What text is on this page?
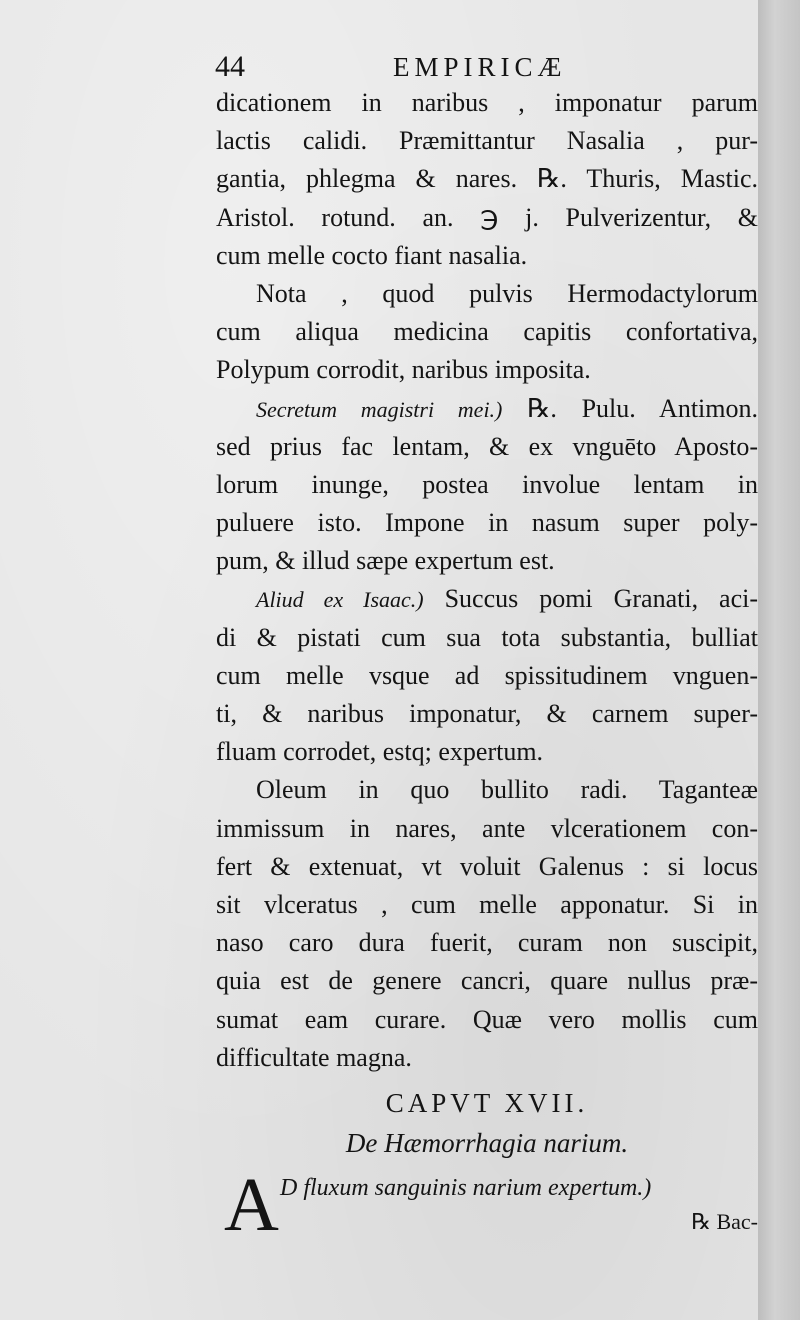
44	EMPIRICÆ
dicationem in naribus , imponatur parum
lactis calidi. Præmittantur Nasalia , pur-
gantia, phlegma & nares. ℞. Thuris, Mastic.
Aristol. rotund. an. ℈ j. Pulverizentur, &
cum melle cocto fiant nasalia.
Nota , quod pulvis Hermodactylorum
cum aliqua medicina capitis confortativa,
Polypum corrodit, naribus imposita.
Secretum magistri mei.) ℞. Pulu. Antimon.
sed prius fac lentam, & ex vnguēto Aposto-
lorum inunge, postea involue lentam in
puluere isto. Impone in nasum super poly-
pum, & illud sæpe expertum est.
Aliud ex Isaac.) Succus pomi Granati, aci-
di & pistati cum sua tota substantia, bulliat
cum melle vsque ad spissitudinem vnguen-
ti, & naribus imponatur, & carnem super-
fluam corrodet, estq; expertum.
Oleum in quo bullito radi. Taganteæ
immissum in nares, ante vlcerationem con-
fert & extenuat, vt voluit Galenus : si locus
sit vlceratus , cum melle apponatur. Si in
naso caro dura fuerit, curam non suscipit,
quia est de genere cancri, quare nullus præ-
sumat eam curare. Quæ vero mollis cum
difficultate magna.
CAPVT XVII.
De Hæmorrhagia narium.
A D fluxum sanguinis narium expertum.)
℞ Bac-
